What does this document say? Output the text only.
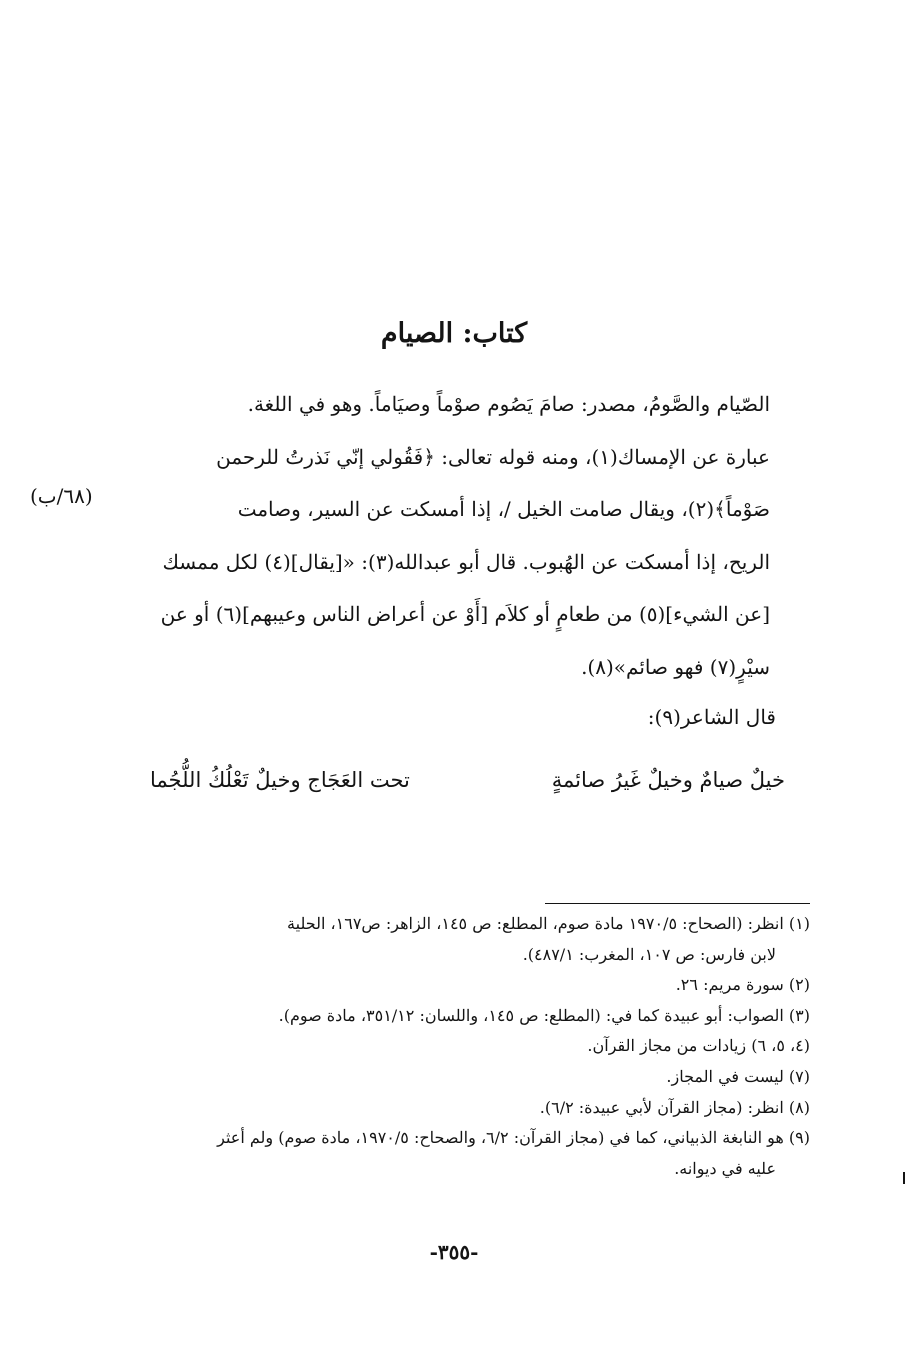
كتاب: الصيام
الصّيام والصَّومُ، مصدر: صامَ يَصُوم صوْماً وصيَاماً. وهو في اللغة.
عبارة عن الإمساك(١)، ومنه قوله تعالى: ﴿فَقُولي إنّي نَذرتُ للرحمن
صَوْماً﴾(٢)، ويقال صامت الخيل /، إذا أمسكت عن السير، وصامت
الريح، إذا أمسكت عن الهُبوب. قال أبو عبدالله(٣): «[يقال](٤) لكل ممسك
[عن الشيء](٥) من طعامٍ أو كلاَم [أَوْ عن أعراض الناس وعيبهم](٦) أو عن
سيْرٍ(٧) فهو صائم»(٨).
(٦٨/ب)
قال الشاعر(٩):
خيلٌ صيامٌ وخيلٌ غَيرُ صائمةٍ
تحت العَجَاج وخيلٌ تَعْلُكُ اللُّجُما
(١) انظر: (الصحاح: ١٩٧٠/٥ مادة صوم، المطلع: ص ١٤٥، الزاهر: ص١٦٧، الحلية
لابن فارس: ص ١٠٧، المغرب: ٤٨٧/١).
(٢) سورة مريم: ٢٦.
(٣) الصواب: أبو عبيدة كما في: (المطلع: ص ١٤٥، واللسان: ٣٥١/١٢، مادة صوم).
(٤، ٥، ٦) زيادات من مجاز القرآن.
(٧) ليست في المجاز.
(٨) انظر: (مجاز القرآن لأبي عبيدة: ٦/٢).
(٩) هو النابغة الذبياني، كما في (مجاز القرآن: ٦/٢، والصحاح: ١٩٧٠/٥، مادة صوم) ولم أعثر
عليه في ديوانه.
-٣٥٥-
